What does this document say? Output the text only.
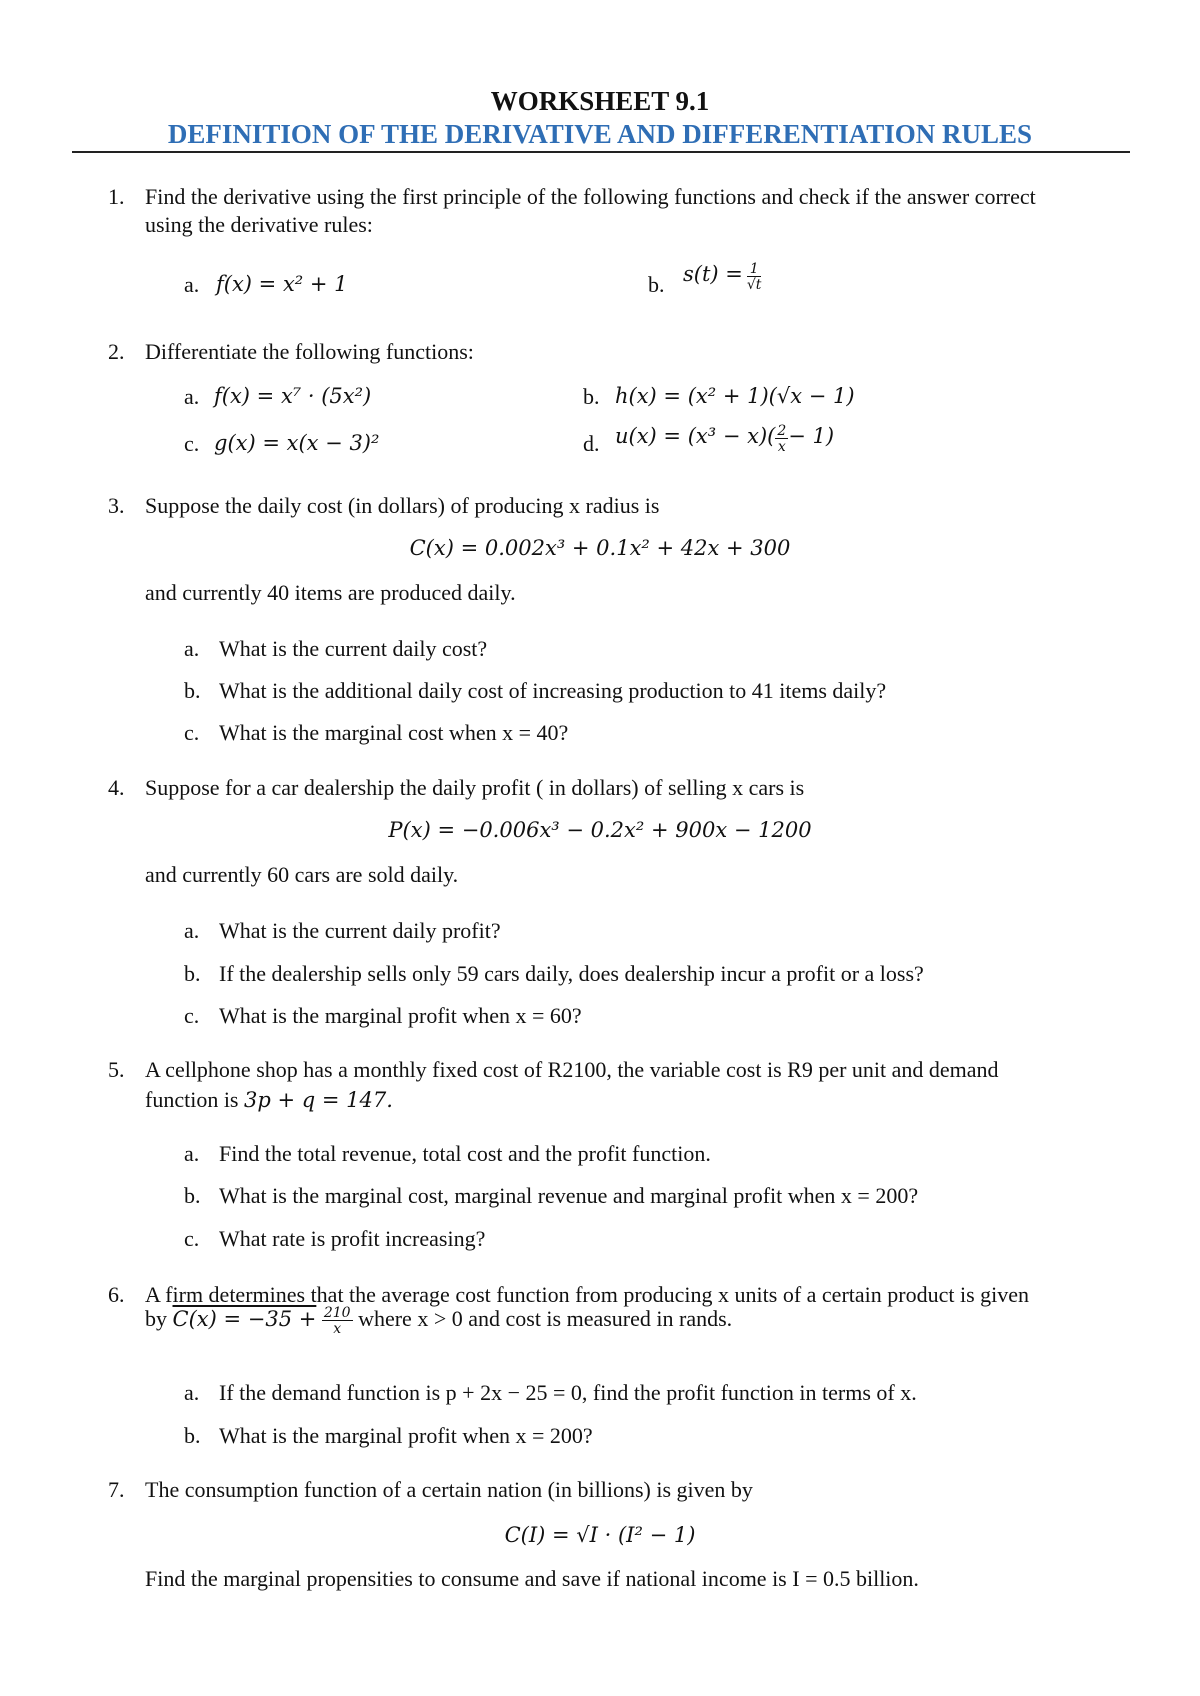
WORKSHEET 9.1
DEFINITION OF THE DERIVATIVE AND DIFFERENTIATION RULES
1. Find the derivative using the first principle of the following functions and check if the answer correct
using the derivative rules:
a. f(x) = x² + 1	b. $s(t) = \frac{1}{√t}$
2. Differentiate the following functions:
a. f(x) = x⁷ · (5x²)	b. h(x) = (x² + 1)(√x − 1)
c. g(x) = x(x − 3)²	d. $u(x) = (x^3 - x)( \frac{2}{x} - 1)$
3. Suppose the daily cost (in dollars) of producing x radius is
C(x) = 0.002x³ + 0.1x² + 42x + 300
and currently 40 items are produced daily.
a. What is the current daily cost?
b. What is the additional daily cost of increasing production to 41 items daily?
c. What is the marginal cost when x = 40?
4. Suppose for a car dealership the daily profit ( in dollars) of selling x cars is
P(x) = −0.006x³ − 0.2x² + 900x − 1200
and currently 60 cars are sold daily.
a. What is the current daily profit?
b. If the dealership sells only 59 cars daily, does dealership incur a profit or a loss?
c. What is the marginal profit when x = 60?
5. A cellphone shop has a monthly fixed cost of R2100, the variable cost is R9 per unit and demand
function is 3p + q = 147.
a. Find the total revenue, total cost and the profit function.
b. What is the marginal cost, marginal revenue and marginal profit when x = 200?
c. What rate is profit increasing?
6. A firm determines that the average cost function from producing x units of a certain product is given
by $C(x) = -35 + \frac{210}{x}$ where x > 0 and cost is measured in rands.
a. If the demand function is p + 2x − 25 = 0, find the profit function in terms of x.
b. What is the marginal profit when x = 200?
7. The consumption function of a certain nation (in billions) is given by
C(I) = √I · (I² − 1)
Find the marginal propensities to consume and save if national income is I = 0.5 billion.
